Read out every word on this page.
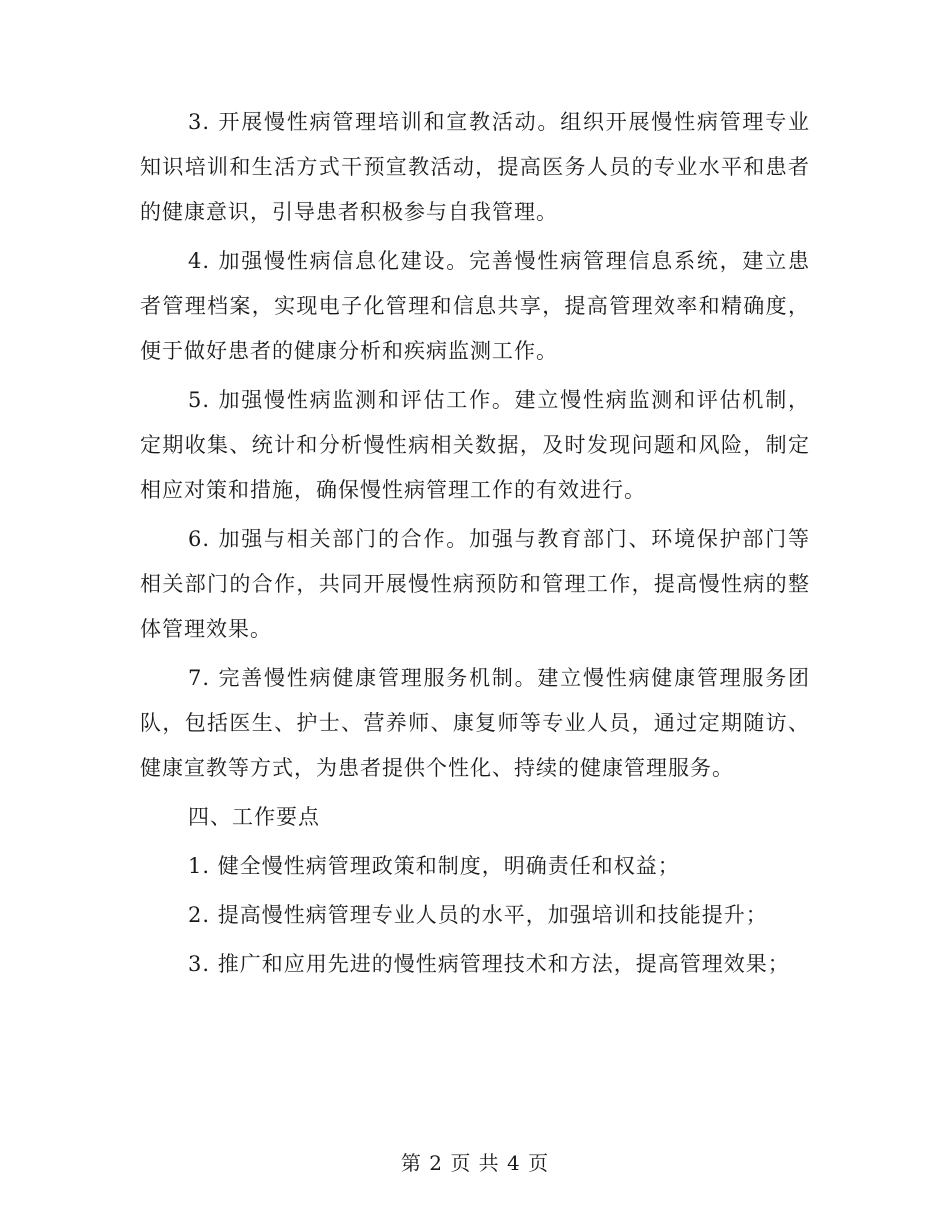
3. 开展慢性病管理培训和宣教活动。组织开展慢性病管理专业知识培训和生活方式干预宣教活动，提高医务人员的专业水平和患者的健康意识，引导患者积极参与自我管理。

4. 加强慢性病信息化建设。完善慢性病管理信息系统，建立患者管理档案，实现电子化管理和信息共享，提高管理效率和精确度，便于做好患者的健康分析和疾病监测工作。

5. 加强慢性病监测和评估工作。建立慢性病监测和评估机制，定期收集、统计和分析慢性病相关数据，及时发现问题和风险，制定相应对策和措施，确保慢性病管理工作的有效进行。

6. 加强与相关部门的合作。加强与教育部门、环境保护部门等相关部门的合作，共同开展慢性病预防和管理工作，提高慢性病的整体管理效果。

7. 完善慢性病健康管理服务机制。建立慢性病健康管理服务团队，包括医生、护士、营养师、康复师等专业人员，通过定期随访、健康宣教等方式，为患者提供个性化、持续的健康管理服务。

四、工作要点

1. 健全慢性病管理政策和制度，明确责任和权益；

2. 提高慢性病管理专业人员的水平，加强培训和技能提升；

3. 推广和应用先进的慢性病管理技术和方法，提高管理效果；

第 2 页 共 4 页
